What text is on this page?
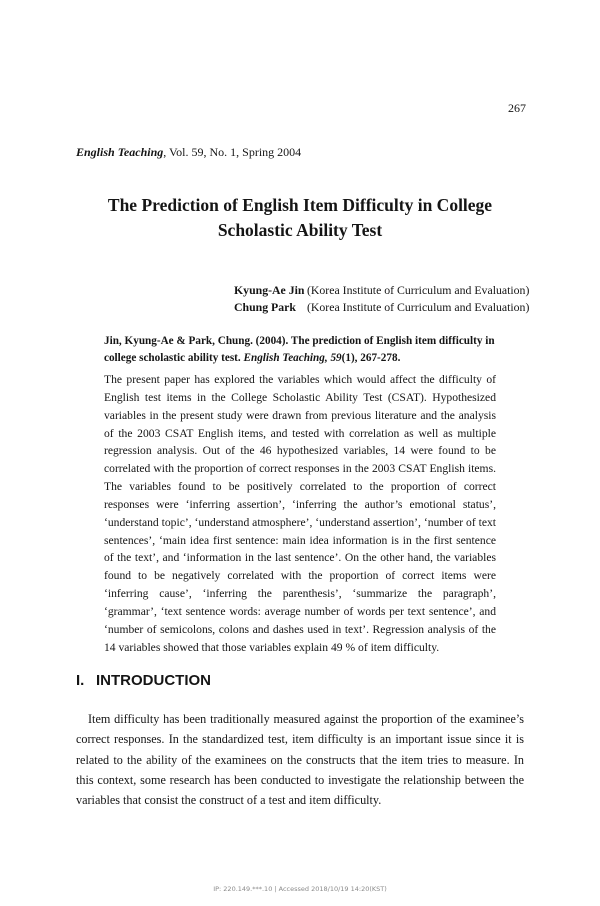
267
English Teaching, Vol. 59, No. 1, Spring 2004
The Prediction of English Item Difficulty in College
Scholastic Ability Test
Kyung-Ae Jin (Korea Institute of Curriculum and Evaluation)
Chung Park (Korea Institute of Curriculum and Evaluation)
Jin, Kyung-Ae & Park, Chung. (2004). The prediction of English item difficulty in college scholastic ability test. English Teaching, 59(1), 267-278.

The present paper has explored the variables which would affect the difficulty of English test items in the College Scholastic Ability Test (CSAT). Hypothesized variables in the present study were drawn from previous literature and the analysis of the 2003 CSAT English items, and tested with correlation as well as multiple regression analysis. Out of the 46 hypothesized variables, 14 were found to be correlated with the proportion of correct responses in the 2003 CSAT English items. The variables found to be positively correlated to the proportion of correct responses were ‘inferring assertion’, ‘inferring the author’s emotional status’, ‘understand topic’, ‘understand atmosphere’, ‘understand assertion’, ‘number of text sentences’, ‘main idea first sentence: main idea information is in the first sentence of the text’, and ‘information in the last sentence’. On the other hand, the variables found to be negatively correlated with the proportion of correct items were ‘inferring cause’, ‘inferring the parenthesis’, ‘summarize the paragraph’, ‘grammar’, ‘text sentence words: average number of words per text sentence’, and ‘number of semicolons, colons and dashes used in text’. Regression analysis of the 14 variables showed that those variables explain 49 % of item difficulty.

I. INTRODUCTION

Item difficulty has been traditionally measured against the proportion of the examinee’s correct responses. In the standardized test, item difficulty is an important issue since it is related to the ability of the examinees on the constructs that the item tries to measure. In this context, some research has been conducted to investigate the relationship between the variables that consist the construct of a test and item difficulty.

IP: 220.149.***.10 | Accessed 2018/10/19 14:20(KST)
